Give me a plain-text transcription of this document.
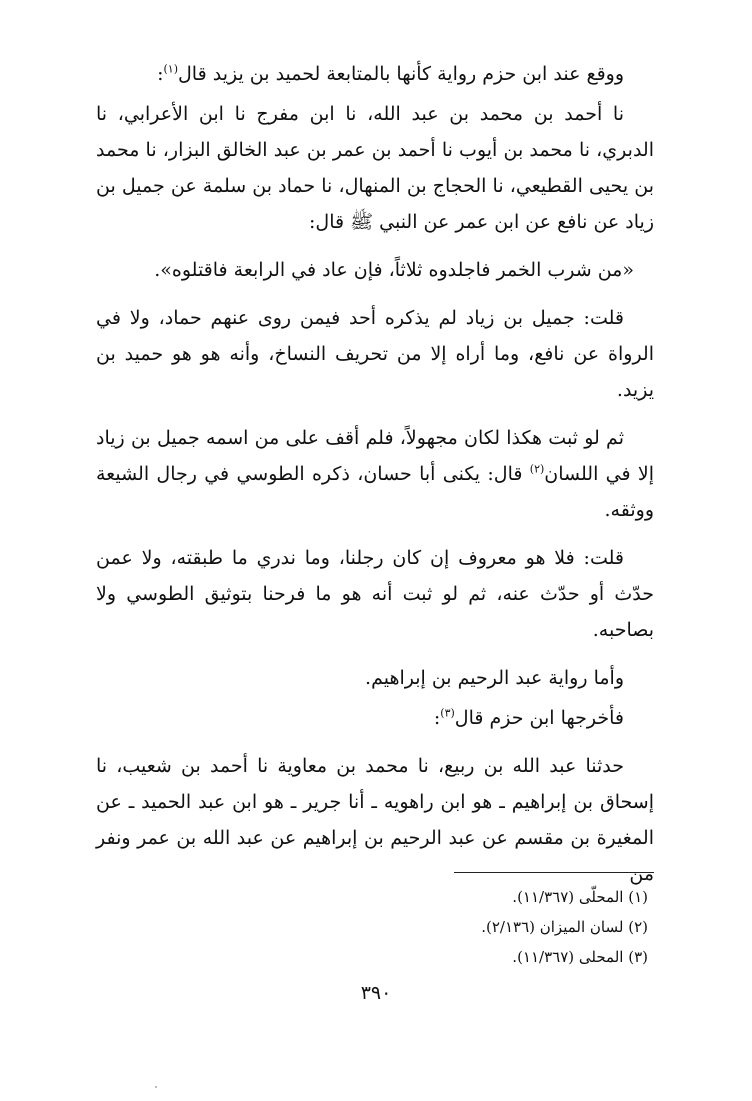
ووقع عند ابن حزم رواية كأنها بالمتابعة لحميد بن يزيد قال$^{(١)}$:

نا أحمد بن محمد بن عبد الله، نا ابن مفرج نا ابن الأعرابي، نا الدبري، نا محمد بن أيوب نا أحمد بن عمر بن عبد الخالق البزار، نا محمد بن يحيى القطيعي، نا الحجاج بن المنهال، نا حماد بن سلمة عن جميل بن زياد عن نافع عن ابن عمر عن النبي ﷺ قال:

«من شرب الخمر فاجلدوه ثلاثاً، فإن عاد في الرابعة فاقتلوه».

قلت: جميل بن زياد لم يذكره أحد فيمن روى عنهم حماد، ولا في الرواة عن نافع، وما أراه إلا من تحريف النساخ، وأنه هو هو حميد بن يزيد.

ثم لو ثبت هكذا لكان مجهولاً، فلم أقف على من اسمه جميل بن زياد إلا في اللسان$^{(٢)}$ قال: يكنى أبا حسان، ذكره الطوسي في رجال الشيعة ووثقه.

قلت: فلا هو معروف إن كان رجلنا، وما ندري ما طبقته، ولا عمن حدّث أو حدّث عنه، ثم لو ثبت أنه هو ما فرحنا بتوثيق الطوسي ولا بصاحبه.

وأما رواية عبد الرحيم بن إبراهيم.

فأخرجها ابن حزم قال$^{(٣)}$:

حدثنا عبد الله بن ربيع، نا محمد بن معاوية نا أحمد بن شعيب، نا إسحاق بن إبراهيم ـ هو ابن راهويه ـ أنا جرير ـ هو ابن عبد الحميد ـ عن المغيرة بن مقسم عن عبد الرحيم بن إبراهيم عن عبد الله بن عمر ونفر من

(١) المحلّى (١١/٣٦٧).

(٢) لسان الميزان (٢/١٣٦).

(٣) المحلى (١١/٣٦٧).

٣٩٠
